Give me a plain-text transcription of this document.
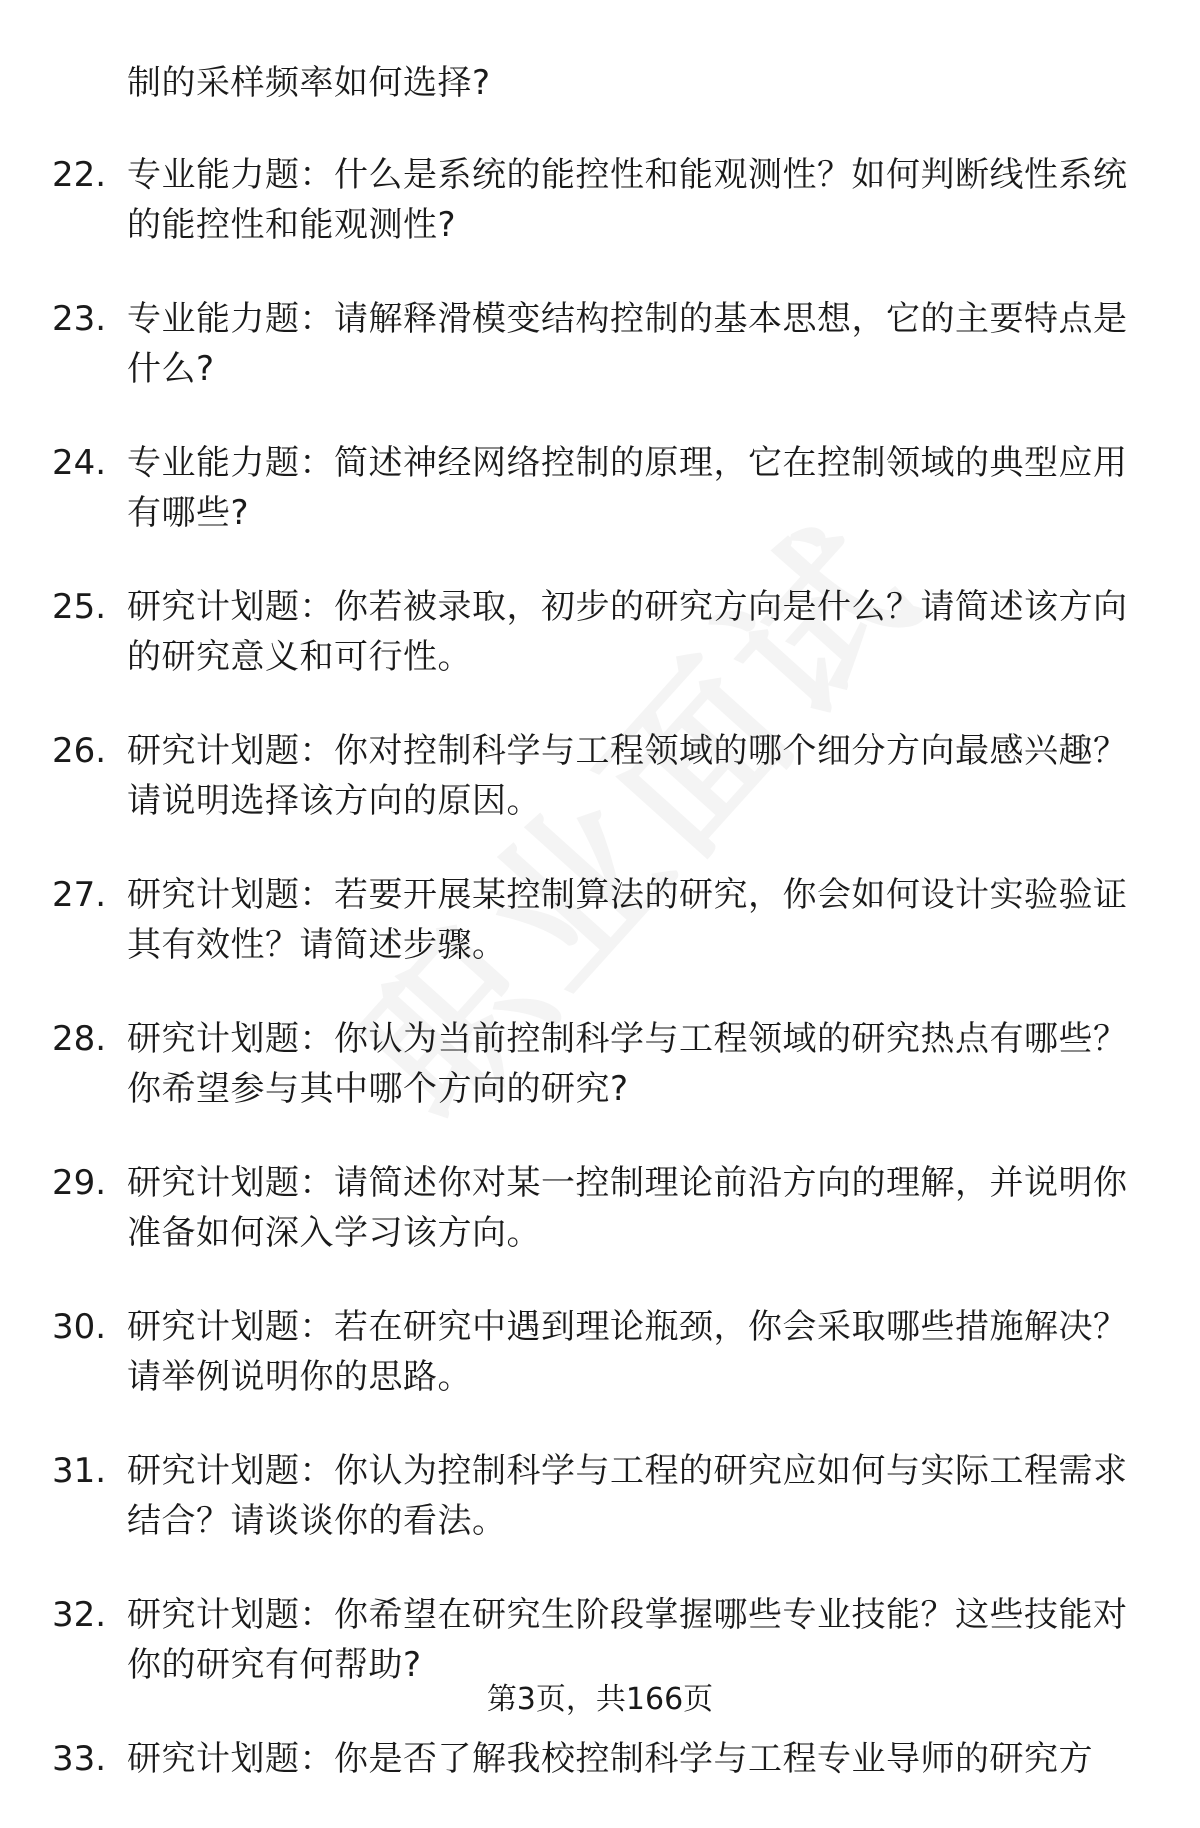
制的采样频率如何选择?
22. 专业能力题：什么是系统的能控性和能观测性？如何判断线性系统的能控性和能观测性?
23. 专业能力题：请解释滑模变结构控制的基本思想，它的主要特点是什么?
24. 专业能力题：简述神经网络控制的原理，它在控制领域的典型应用有哪些?
25. 研究计划题：你若被录取，初步的研究方向是什么？请简述该方向的研究意义和可行性。
26. 研究计划题：你对控制科学与工程领域的哪个细分方向最感兴趣？请说明选择该方向的原因。
27. 研究计划题：若要开展某控制算法的研究，你会如何设计实验验证其有效性？请简述步骤。
28. 研究计划题：你认为当前控制科学与工程领域的研究热点有哪些？你希望参与其中哪个方向的研究?
29. 研究计划题：请简述你对某一控制理论前沿方向的理解，并说明你准备如何深入学习该方向。
30. 研究计划题：若在研究中遇到理论瓶颈，你会采取哪些措施解决？请举例说明你的思路。
31. 研究计划题：你认为控制科学与工程的研究应如何与实际工程需求结合？请谈谈你的看法。
32. 研究计划题：你希望在研究生阶段掌握哪些专业技能？这些技能对你的研究有何帮助?
33. 研究计划题：你是否了解我校控制科学与工程专业导师的研究方
第3页，共166页
